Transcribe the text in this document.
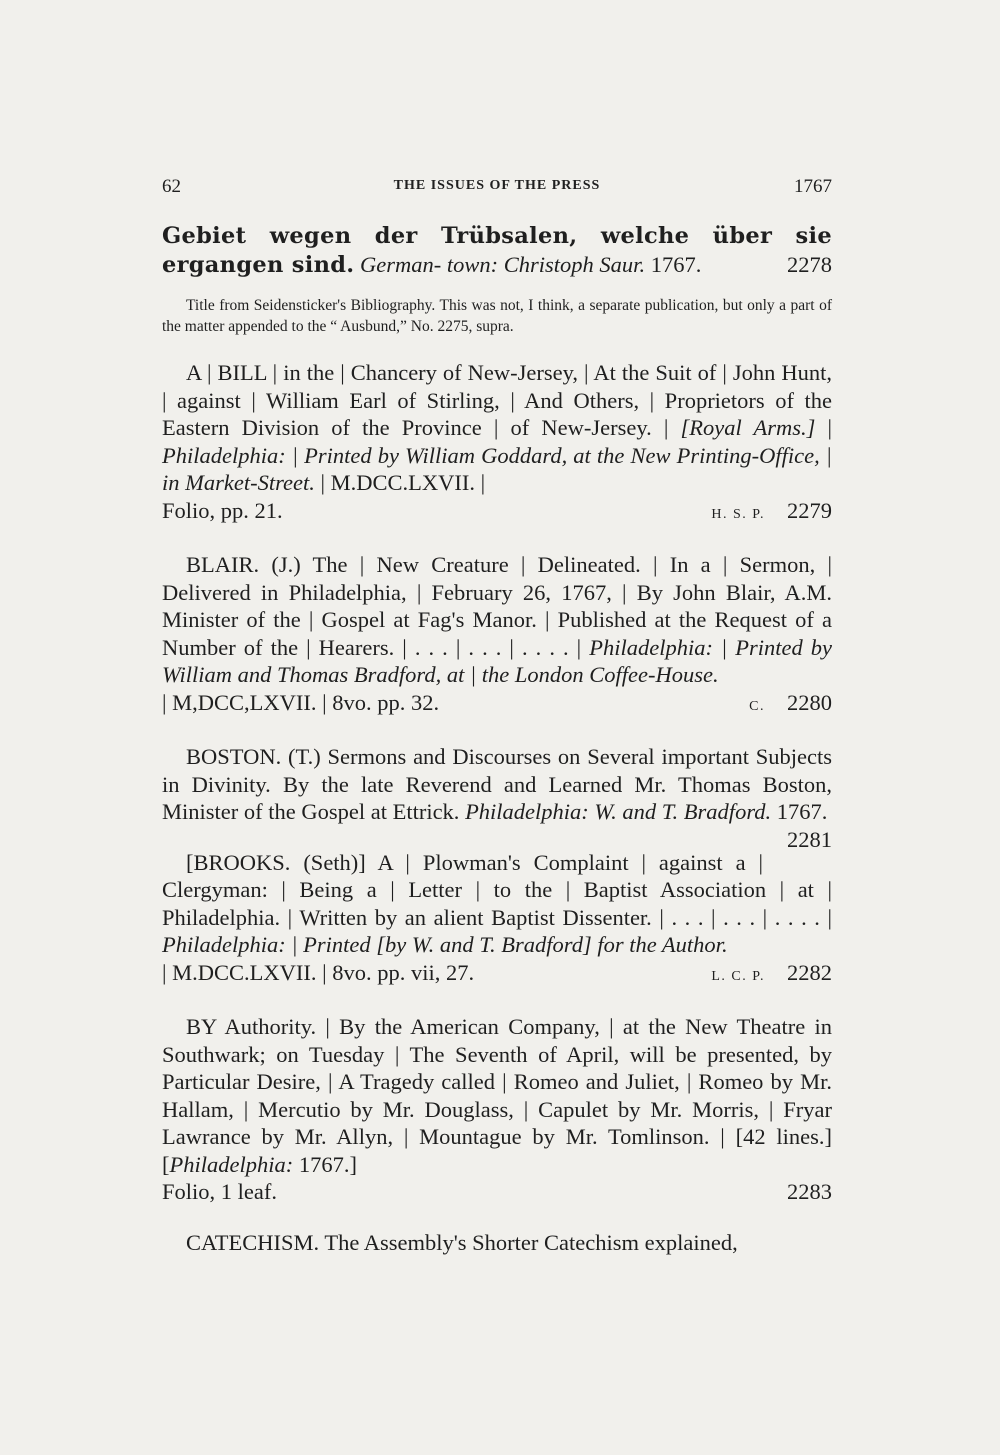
62	THE ISSUES OF THE PRESS	1767

Gebiet wegen der Trübsalen, welche über sie ergangen sind. German- town: Christoph Saur. 1767.	2278

Title from Seidensticker's Bibliography. This was not, I think, a separate publication, but only a part of the matter appended to the “ Ausbund,” No. 2275, supra.

A | BILL | in the | Chancery of New-Jersey, | At the Suit of | John Hunt, | against | William Earl of Stirling, | And Others, | Proprietors of the Eastern Division of the Province | of New-Jersey. | [Royal Arms.] | Philadelphia: | Printed by William Goddard, at the New Printing-Office, | in Market-Street. | M.DCC.LXVII. |
Folio, pp. 21.	H. S. P. 2279
BLAIR. (J.) The | New Creature | Delineated. | In a | Sermon, | Delivered in Philadelphia, | February 26, 1767, | By John Blair, A.M. Minister of the | Gospel at Fag's Manor. | Published at the Request of a Number of the | Hearers. | . . . | . . . | . . . . | Philadelphia: | Printed by William and Thomas Bradford, at | the London Coffee-House.
| M,DCC,LXVII. | 8vo. pp. 32.	C. 2280
BOSTON. (T.) Sermons and Discourses on Several important Subjects in Divinity. By the late Reverend and Learned Mr. Thomas Boston, Minister of the Gospel at Ettrick. Philadelphia: W. and T. Bradford. 1767.
2281
[BROOKS. (Seth)] A | Plowman's Complaint | against a | Clergyman: | Being a | Letter | to the | Baptist Association | at | Philadelphia. | Written by an alient Baptist Dissenter. | . . . | . . . | . . . . | Philadelphia: | Printed [by W. and T. Bradford] for the Author.
| M.DCC.LXVII. | 8vo. pp. vii, 27.	L. C. P. 2282
BY Authority. | By the American Company, | at the New Theatre in Southwark; on Tuesday | The Seventh of April, will be presented, by Particular Desire, | A Tragedy called | Romeo and Juliet, | Romeo by Mr. Hallam, | Mercutio by Mr. Douglass, | Capulet by Mr. Morris, | Fryar Lawrance by Mr. Allyn, | Mountague by Mr. Tomlinson. | [42 lines.] [Philadelphia: 1767.]
Folio, 1 leaf.	2283
CATECHISM. The Assembly's Shorter Catechism explained,
